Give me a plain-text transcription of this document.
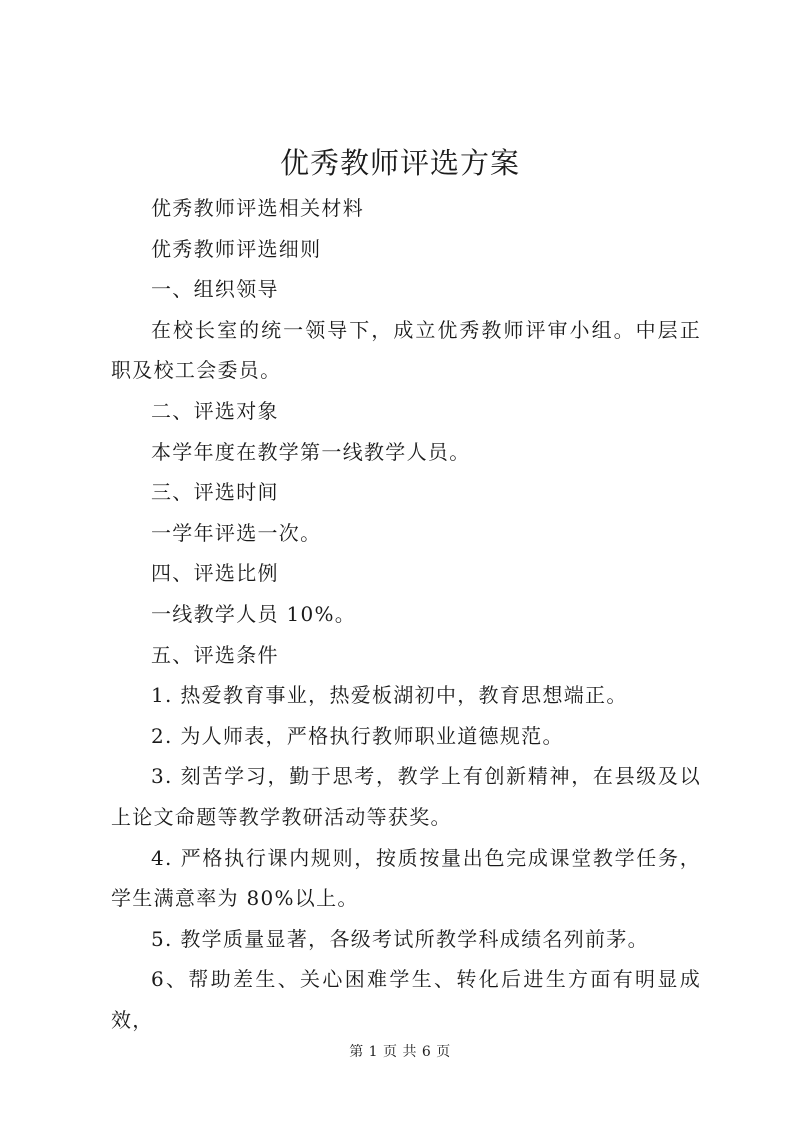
优秀教师评选方案

优秀教师评选相关材料

优秀教师评选细则

一、组织领导

在校长室的统一领导下，成立优秀教师评审小组。中层正职及校工会委员。

二、评选对象

本学年度在教学第一线教学人员。

三、评选时间

一学年评选一次。

四、评选比例

一线教学人员 10%。

五、评选条件

1. 热爱教育事业，热爱板湖初中，教育思想端正。

2. 为人师表，严格执行教师职业道德规范。

3. 刻苦学习，勤于思考，教学上有创新精神，在县级及以上论文命题等教学教研活动等获奖。

4. 严格执行课内规则，按质按量出色完成课堂教学任务，学生满意率为 80%以上。

5. 教学质量显著，各级考试所教学科成绩名列前茅。

6、帮助差生、关心困难学生、转化后进生方面有明显成效，

第 1 页 共 6 页
